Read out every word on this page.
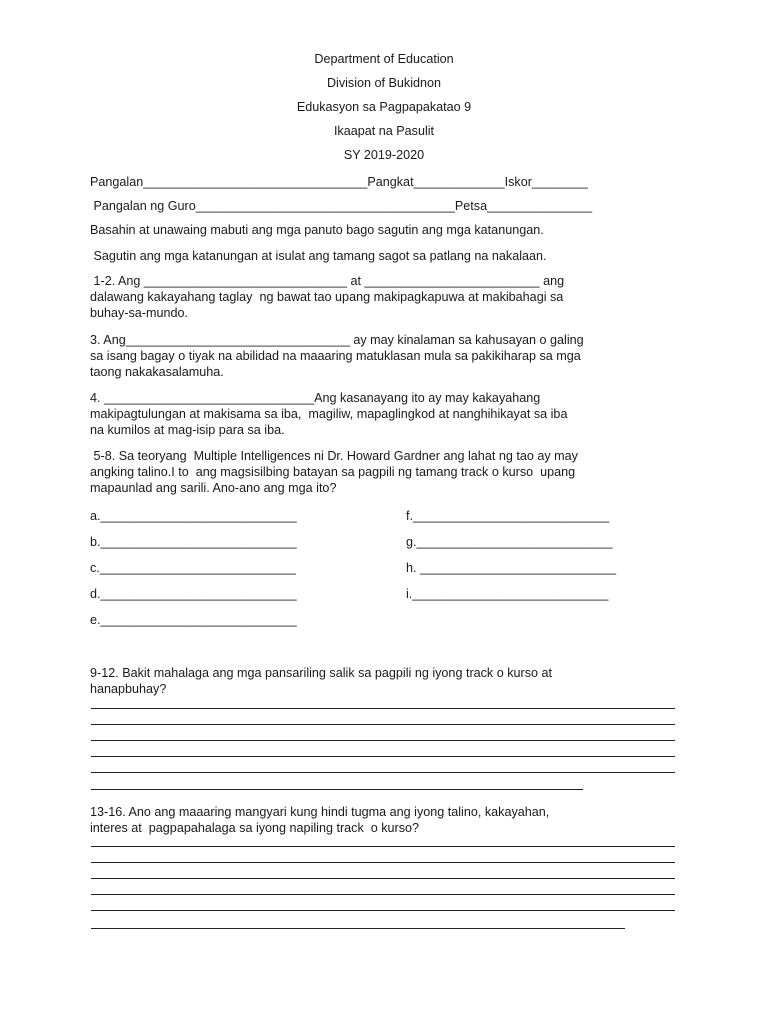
Department of Education
Division of Bukidnon
Edukasyon sa Pagpapakatao 9
Ikaapat na Pasulit
SY 2019-2020
Pangalan________________________________Pangkat_____________Iskor________
Pangalan ng Guro_____________________________________Petsa_______________
Basahin at unawaing mabuti ang mga panuto bago sagutin ang mga katanungan.
Sagutin ang mga katanungan at isulat ang tamang sagot sa patlang na nakalaan.
1-2. Ang _____________________________ at _________________________ ang
dalawang kakayahang taglay  ng bawat tao upang makipagkapuwa at makibahagi sa
buhay-sa-mundo.
3. Ang________________________________ ay may kinalaman sa kahusayan o galing
sa isang bagay o tiyak na abilidad na maaaring matuklasan mula sa pakikiharap sa mga
taong nakakasalamuha.
4. ______________________________Ang kasanayang ito ay may kakayahang
makipagtulungan at makisama sa iba,  magiliw, mapaglingkod at nanghihikayat sa iba
na kumilos at mag-isip para sa iba.
5-8. Sa teoryang  Multiple Intelligences ni Dr. Howard Gardner ang lahat ng tao ay may
angking talino.I to  ang magsisilbing batayan sa pagpili ng tamang track o kurso  upang
mapaunlad ang sarili. Ano-ano ang mga ito?
a.____________________________
b.____________________________
c.____________________________
d.____________________________
e.____________________________
f.____________________________
g.____________________________
h. ____________________________
i.____________________________
9-12. Bakit mahalaga ang mga pansariling salik sa pagpili ng iyong track o kurso at
hanapbuhay?
13-16. Ano ang maaaring mangyari kung hindi tugma ang iyong talino, kakayahan,
interes at  pagpapahalaga sa iyong napiling track  o kurso?
